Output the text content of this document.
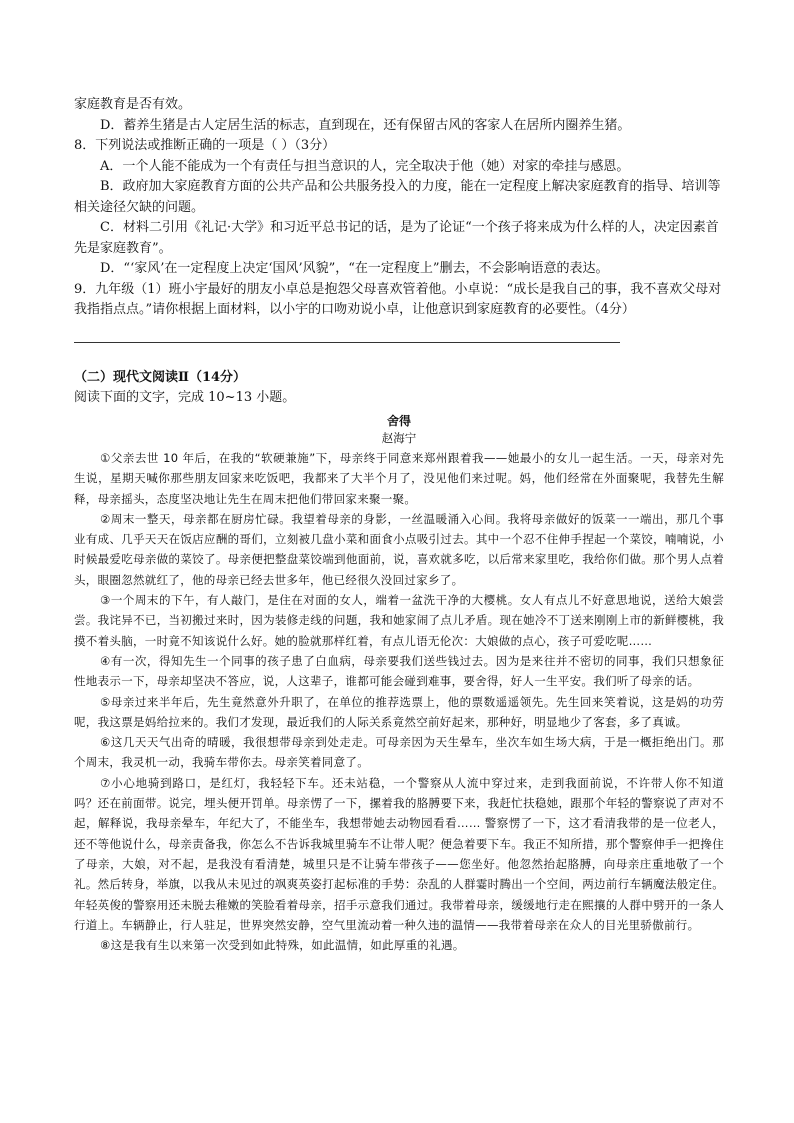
家庭教育是否有效。

D．蓄养生猪是古人定居生活的标志，直到现在，还有保留古风的客家人在居所内圈养生猪。

8．下列说法或推断正确的一项是（ ）（3分）

A．一个人能不能成为一个有责任与担当意识的人，完全取决于他（她）对家的牵挂与感恩。

B．政府加大家庭教育方面的公共产品和公共服务投入的力度，能在一定程度上解决家庭教育的指导、培训等相关途径欠缺的问题。

C．材料二引用《礼记·大学》和习近平总书记的话，是为了论证“一个孩子将来成为什么样的人，决定因素首先是家庭教育”。

D．“‘家风’在一定程度上决定‘国风’风貌”，“在一定程度上”删去，不会影响语意的表达。

9．九年级（1）班小宇最好的朋友小卓总是抱怨父母喜欢管着他。小卓说：“成长是我自己的事，我不喜欢父母对我指指点点。”请你根据上面材料，以小宇的口吻劝说小卓，让他意识到家庭教育的必要性。（4分）

（二）现代文阅读Ⅱ（14分）

阅读下面的文字，完成 10~13 小题。

舍得

赵海宁

①父亲去世 10 年后，在我的“软硬兼施”下，母亲终于同意来郑州跟着我——她最小的女儿一起生活。一天，母亲对先生说，星期天喊你那些朋友回家来吃饭吧，我都来了大半个月了，没见他们来过呢。妈，他们经常在外面聚呢，我替先生解释，母亲摇头，态度坚决地让先生在周末把他们带回家来聚一聚。

②周末一整天，母亲都在厨房忙碌。我望着母亲的身影，一丝温暖涌入心间。我将母亲做好的饭菜一一端出，那几个事业有成、几乎天天在饭店应酬的哥们，立刻被几盘小菜和面食小点吸引过去。其中一个忍不住伸手捏起一个菜饺，喃喃说，小时候最爱吃母亲做的菜饺了。母亲便把整盘菜饺端到他面前，说，喜欢就多吃，以后常来家里吃，我给你们做。那个男人点着头，眼圈忽然就红了，他的母亲已经去世多年，他已经很久没回过家乡了。

③一个周末的下午，有人敲门，是住在对面的女人，端着一盆洗干净的大樱桃。女人有点儿不好意思地说，送给大娘尝尝。我诧异不已，当初搬过来时，因为装修走线的问题，我和她家闹了点儿矛盾。现在她冷不丁送来刚刚上市的新鲜樱桃，我摸不着头脑，一时竟不知该说什么好。她的脸就那样红着，有点儿语无伦次：大娘做的点心，孩子可爱吃呢……

④有一次，得知先生一个同事的孩子患了白血病，母亲要我们送些钱过去。因为是来往并不密切的同事，我们只想象征性地表示一下，母亲却坚决不答应，说，人这辈子，谁都可能会碰到难事，要舍得，好人一生平安。我们听了母亲的话。

⑤母亲过来半年后，先生竟然意外升职了，在单位的推荐选票上，他的票数遥遥领先。先生回来笑着说，这是妈的功劳呢，我这票是妈给拉来的。我们才发现，最近我们的人际关系竟然空前好起来，那种好，明显地少了客套，多了真诚。

⑥这几天天气出奇的晴暖，我很想带母亲到处走走。可母亲因为天生晕车，坐次车如生场大病，于是一概拒绝出门。那个周末，我灵机一动，我骑车带你去。母亲笑着同意了。

⑦小心地骑到路口，是红灯，我轻轻下车。还未站稳，一个警察从人流中穿过来，走到我面前说，不许带人你不知道吗？还在前面带。说完，埋头便开罚单。母亲愣了一下，摞着我的胳膊要下来，我赶忙扶稳她，跟那个年轻的警察说了声对不起，解释说，我母亲晕车，年纪大了，不能坐车，我想带她去动物园看看…… 警察愣了一下，这才看清我带的是一位老人，还不等他说什么，母亲责备我，你怎么不告诉我城里骑车不让带人呢？便急着要下车。我正不知所措，那个警察伸手一把搀住了母亲，大娘，对不起，是我没有看清楚，城里只是不让骑车带孩子——您坐好。他忽然抬起胳膊，向母亲庄重地敬了一个礼。然后转身，举旗，以我从未见过的飒爽英姿打起标准的手势：杂乱的人群霎时腾出一个空间，两边前行车辆魔法般定住。年轻英俊的警察用还未脱去稚嫩的笑脸看着母亲，招手示意我们通过。我带着母亲，缓缓地行走在熙攘的人群中劈开的一条人行道上。车辆静止，行人驻足，世界突然安静，空气里流动着一种久违的温情——我带着母亲在众人的目光里骄傲前行。

⑧这是我有生以来第一次受到如此特殊，如此温情，如此厚重的礼遇。
